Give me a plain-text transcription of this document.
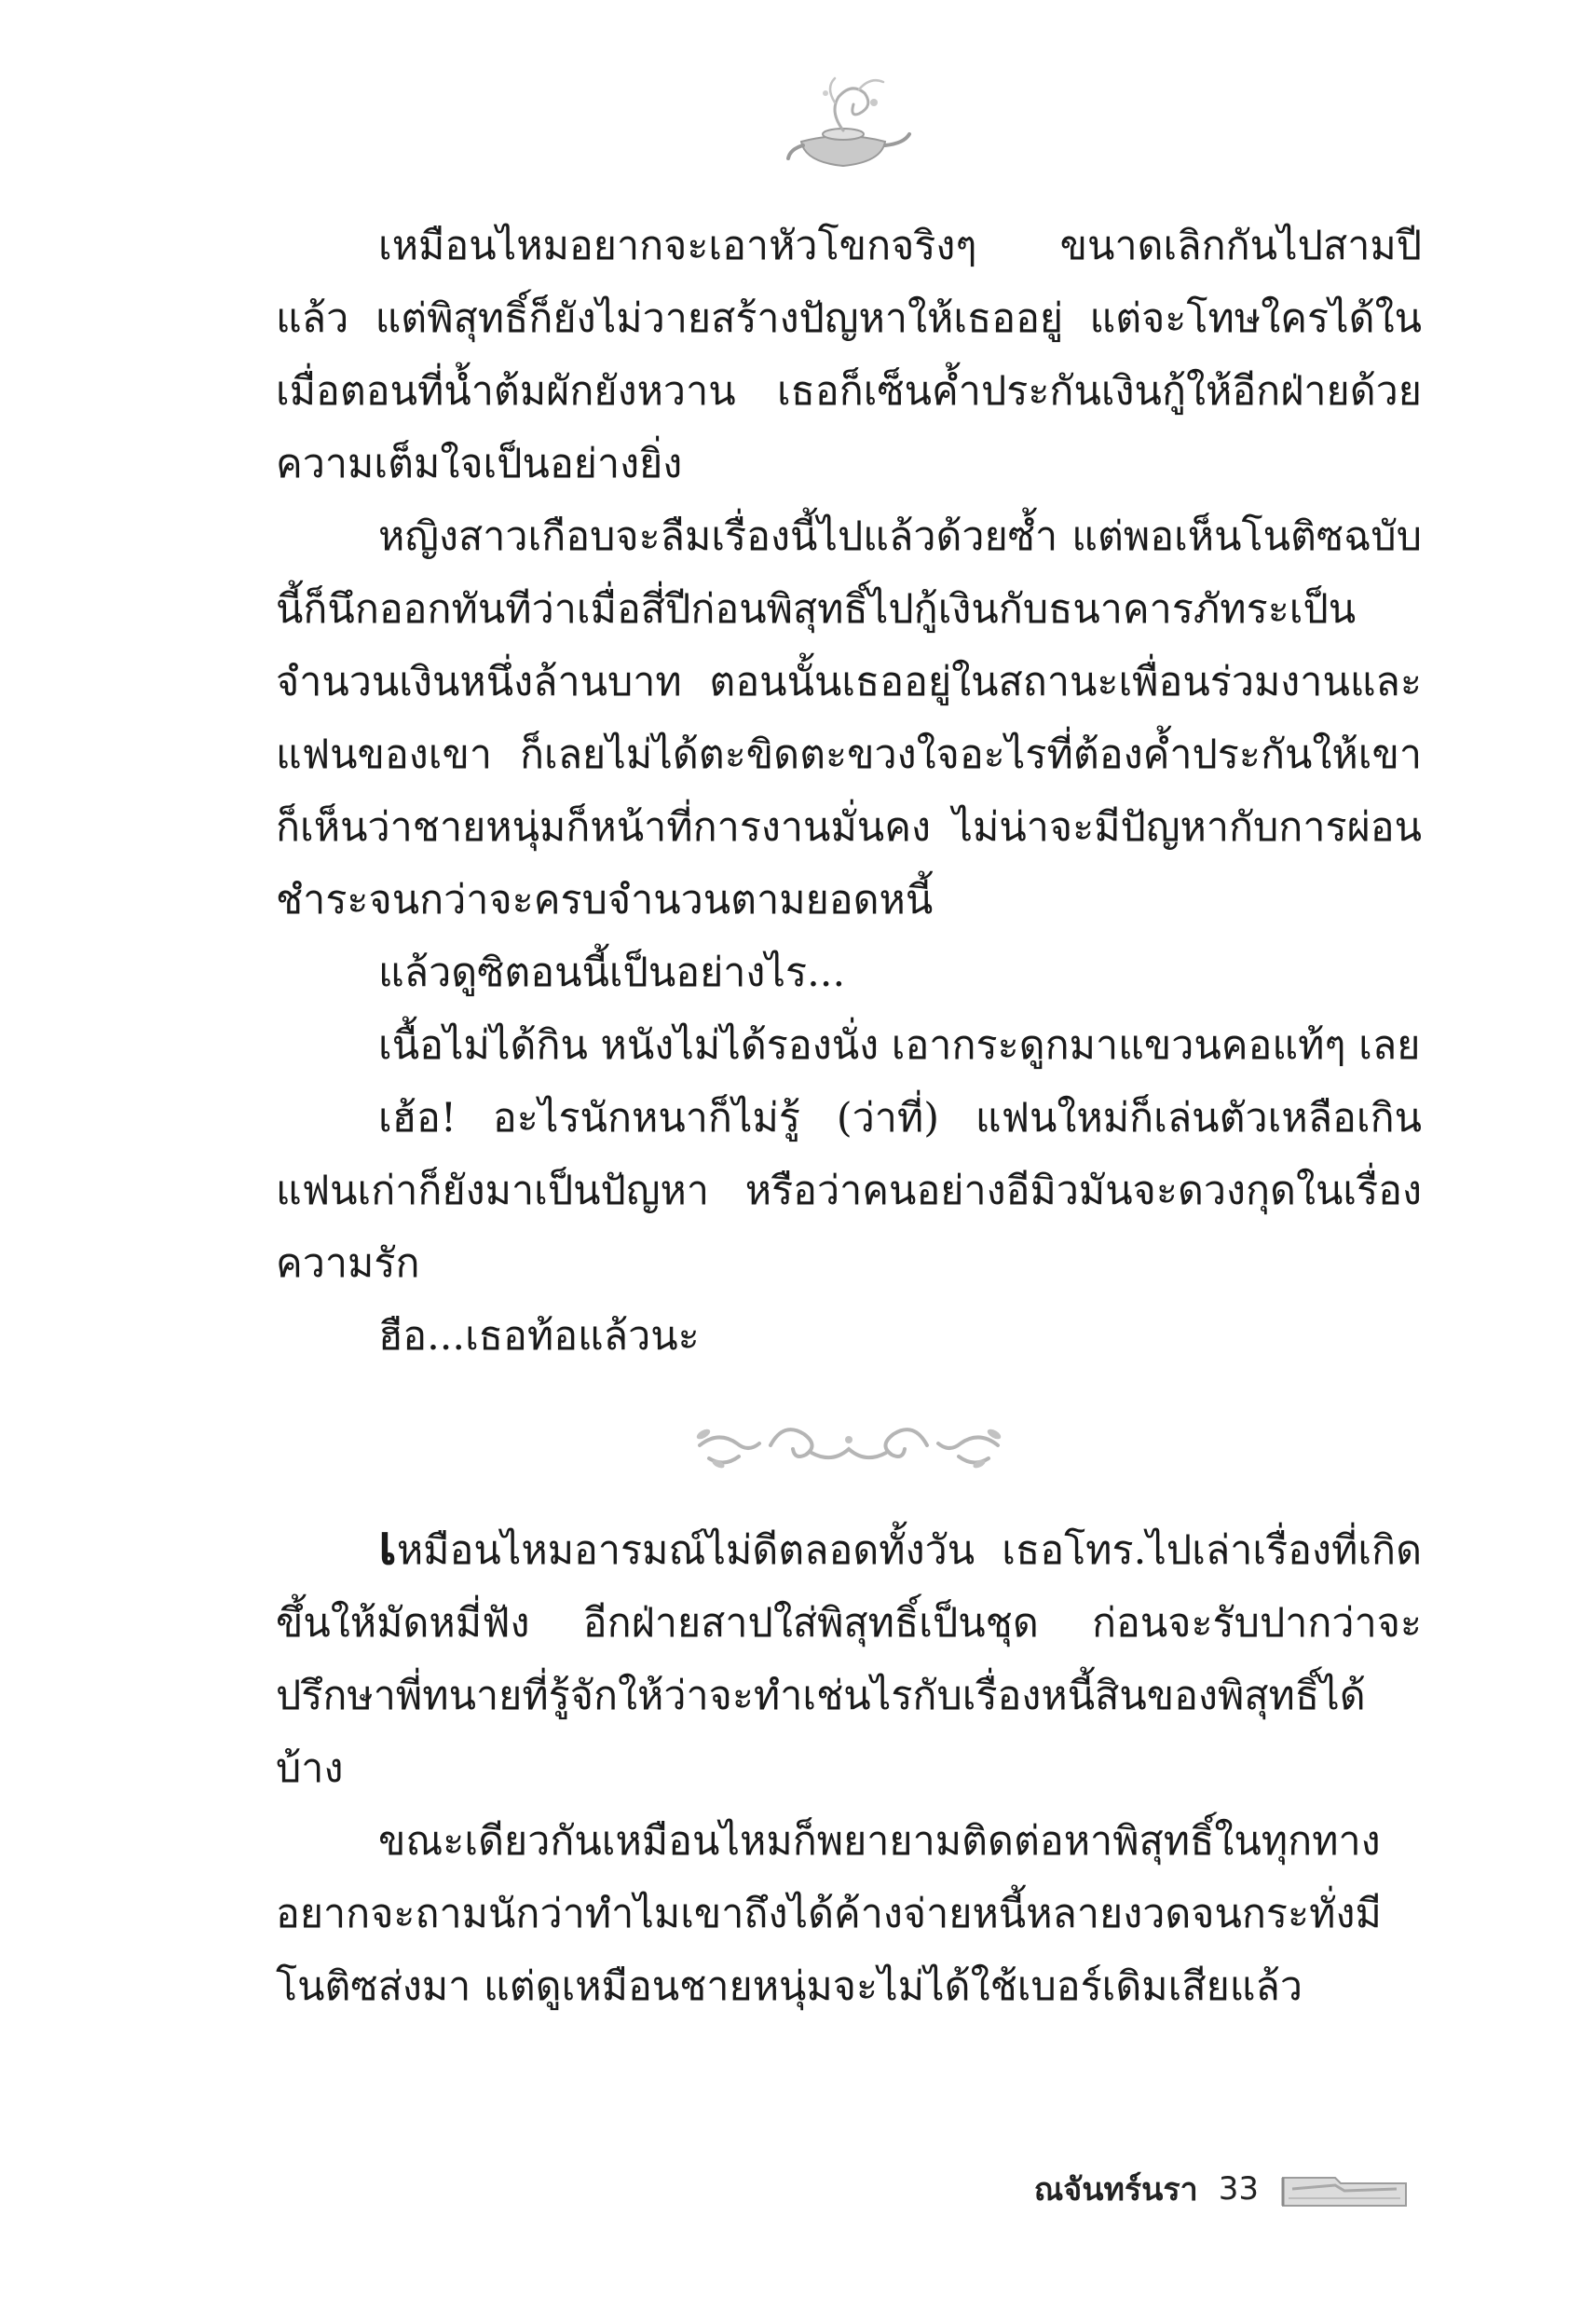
เหมือนไหมอยากจะเอาหัวโขกจริงๆ ขนาดเลิกกันไปสามปีแล้ว แต่พิสุทธิ์ก็ยังไม่วายสร้างปัญหาให้เธออยู่ แต่จะโทษใครได้ในเมื่อตอนที่น้ำต้มผักยังหวาน เธอก็เซ็นค้ำประกันเงินกู้ให้อีกฝ่ายด้วยความเต็มใจเป็นอย่างยิ่ง

หญิงสาวเกือบจะลืมเรื่องนี้ไปแล้วด้วยซ้ำ แต่พอเห็นโนติซฉบับนี้ก็นึกออกทันทีว่าเมื่อสี่ปีก่อนพิสุทธิ์ไปกู้เงินกับธนาคารภัทระเป็นจำนวนเงินหนึ่งล้านบาท ตอนนั้นเธออยู่ในสถานะเพื่อนร่วมงานและแฟนของเขา ก็เลยไม่ได้ตะขิดตะขวงใจอะไรที่ต้องค้ำประกันให้เขา ก็เห็นว่าชายหนุ่มก็หน้าที่การงานมั่นคง ไม่น่าจะมีปัญหากับการผ่อนชำระจนกว่าจะครบจำนวนตามยอดหนี้

แล้วดูซิตอนนี้เป็นอย่างไร...

เนื้อไม่ได้กิน หนังไม่ได้รองนั่ง เอากระดูกมาแขวนคอแท้ๆ เลย

เฮ้อ! อะไรนักหนาก็ไม่รู้ (ว่าที่) แฟนใหม่ก็เล่นตัวเหลือเกิน แฟนเก่าก็ยังมาเป็นปัญหา หรือว่าคนอย่างอีมิวมันจะดวงกุดในเรื่องความรัก

ฮือ...เธอท้อแล้วนะ

เหมือนไหมอารมณ์ไม่ดีตลอดทั้งวัน เธอโทร.ไปเล่าเรื่องที่เกิดขึ้นให้มัดหมี่ฟัง อีกฝ่ายสาปใส่พิสุทธิ์เป็นชุด ก่อนจะรับปากว่าจะปรึกษาพี่ทนายที่รู้จักให้ว่าจะทำเช่นไรกับเรื่องหนี้สินของพิสุทธิ์ได้บ้าง

ขณะเดียวกันเหมือนไหมก็พยายามติดต่อหาพิสุทธิ์ในทุกทางอยากจะถามนักว่าทำไมเขาถึงได้ค้างจ่ายหนี้หลายงวดจนกระทั่งมีโนติซส่งมา แต่ดูเหมือนชายหนุ่มจะไม่ได้ใช้เบอร์เดิมเสียแล้ว

ณจันทร์นรา 33
